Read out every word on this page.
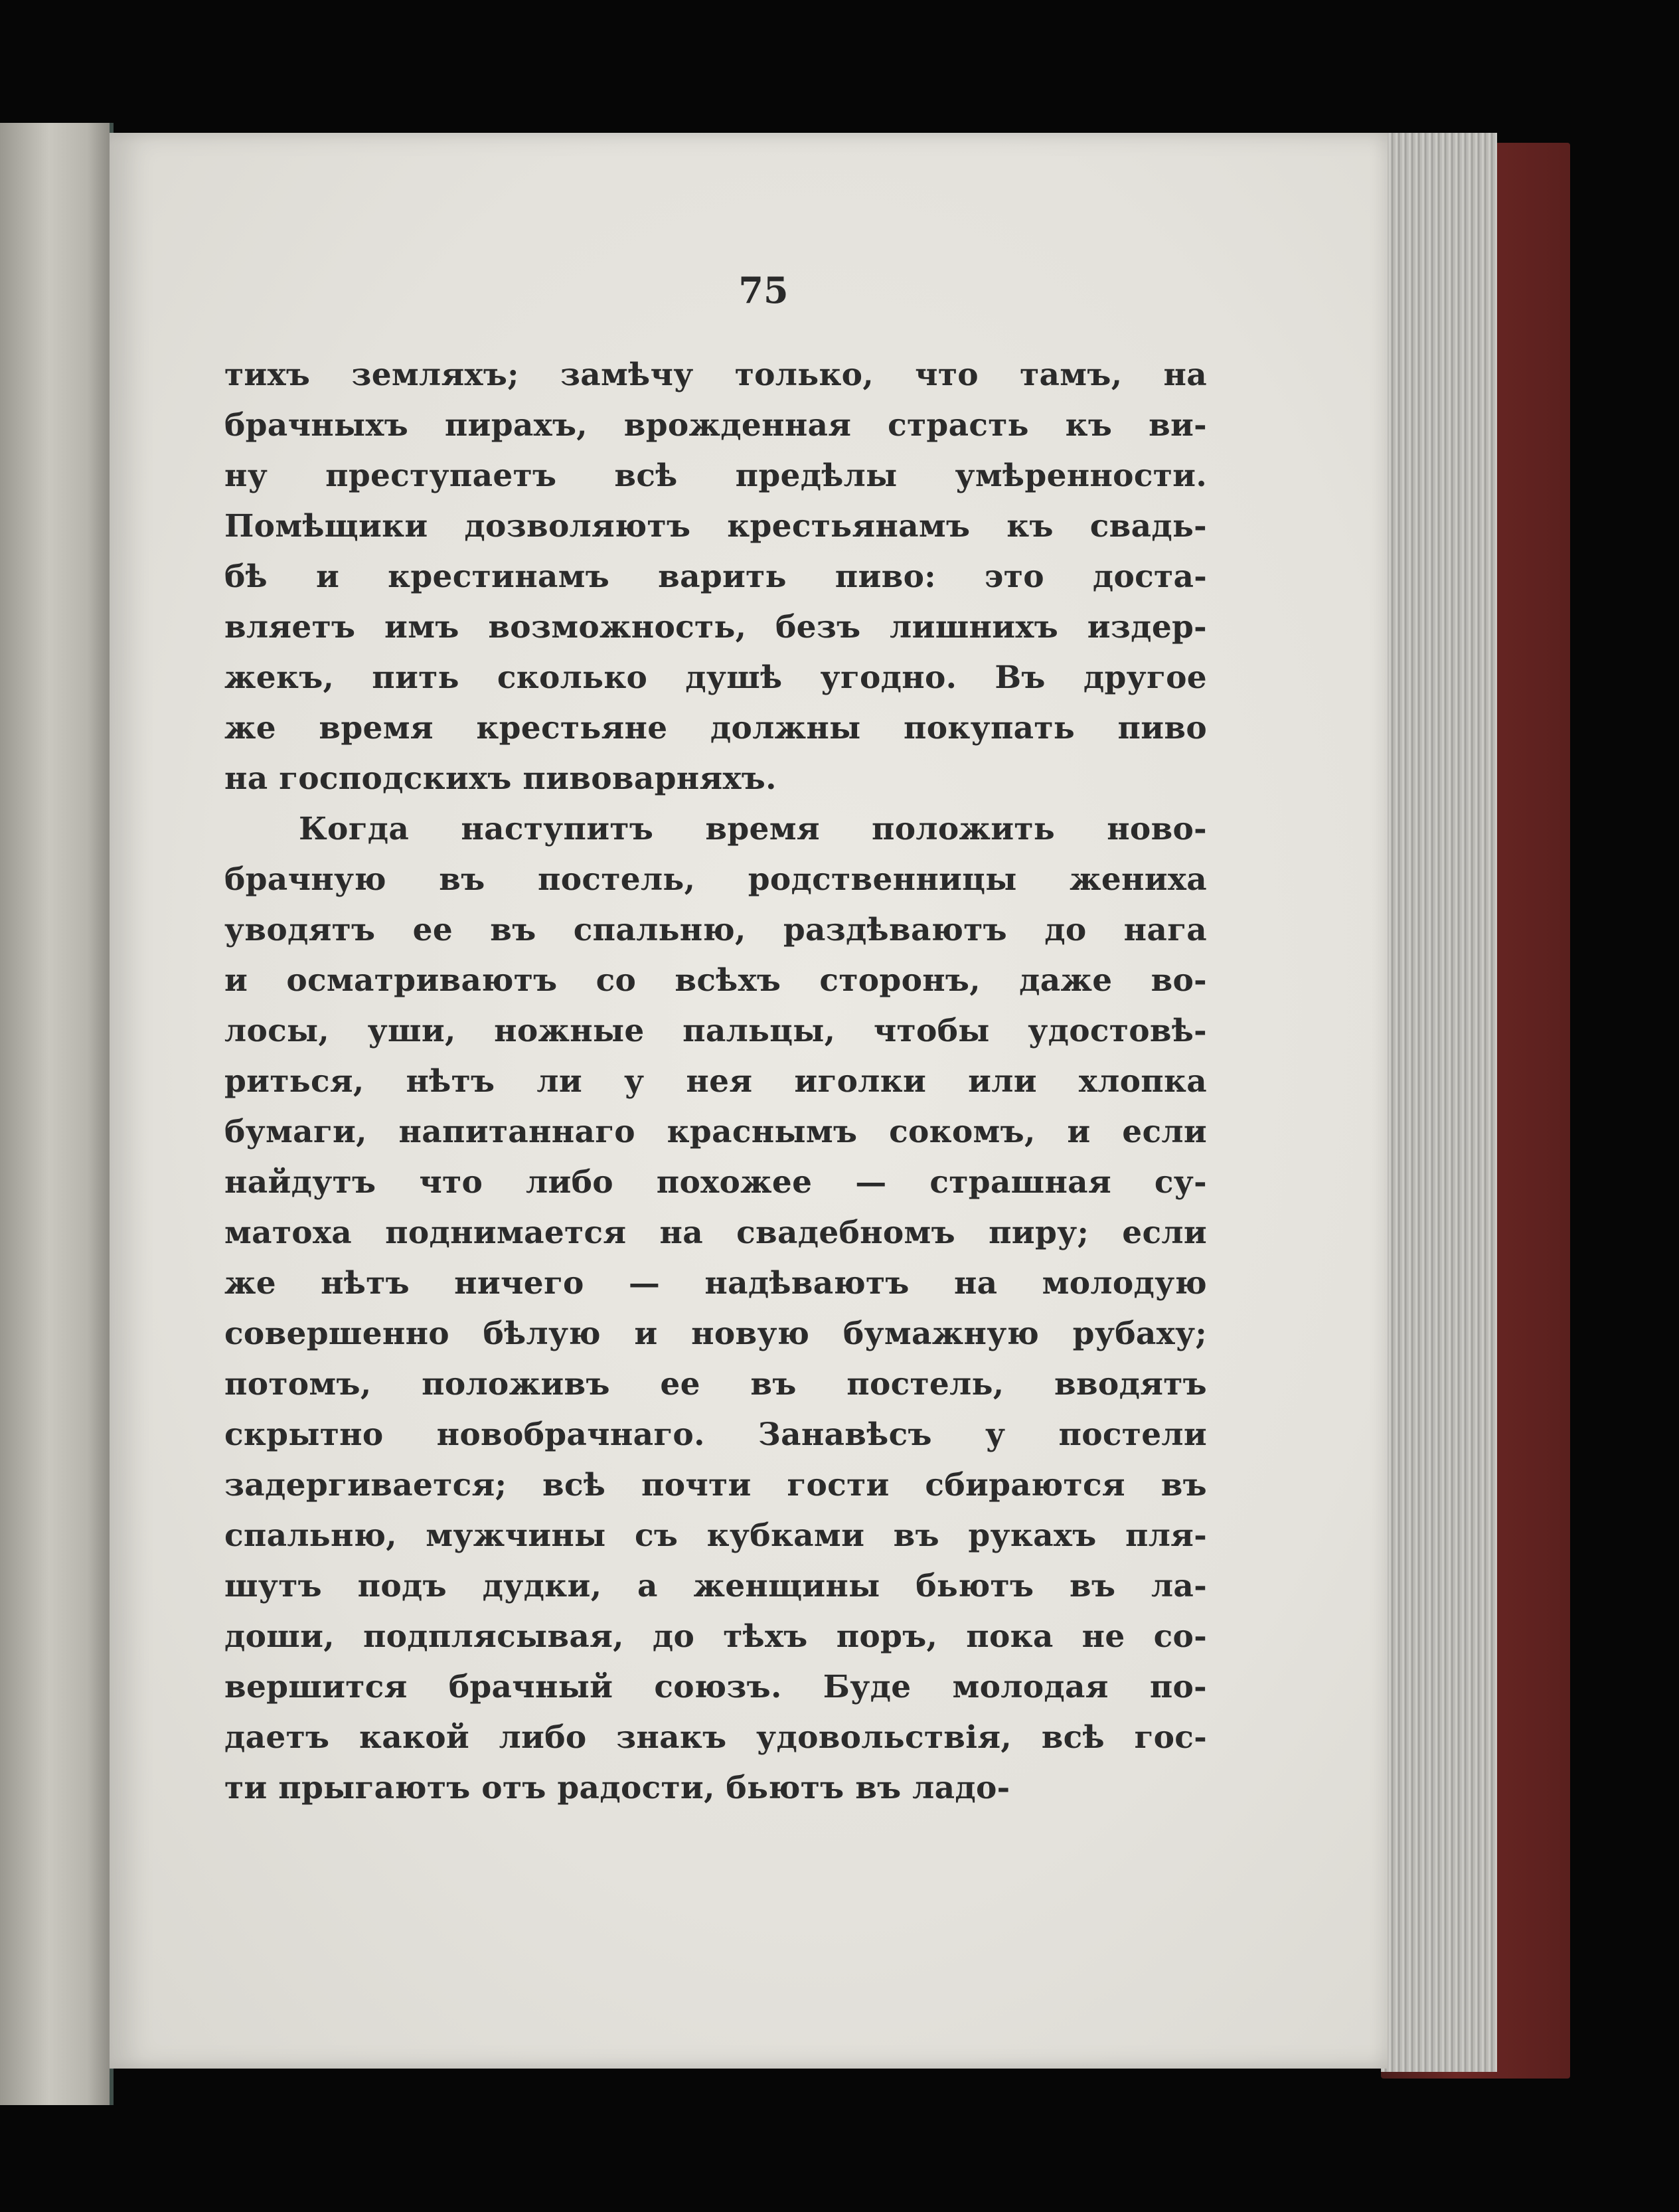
75
тихъ земляхъ; замѣчу только, что тамъ, на
брачныхъ пирахъ, врожденная страсть къ ви-
ну преступаетъ всѣ предѣлы умѣренности.
Помѣщики дозволяютъ крестьянамъ къ свадь-
бѣ и крестинамъ варить пиво: это достa-
вляетъ имъ возможность, безъ лишнихъ издер-
жекъ, пить сколько душѣ угодно. Въ другое
же время крестьяне должны покупать пиво
на господскихъ пивоварняхъ.
Когда наступитъ время положить ново-
брачную въ постель, родственницы жениха
уводятъ ее въ спальню, раздѣваютъ до нага
и осматриваютъ со всѣхъ сторонъ, даже во-
лосы, уши, ножные пальцы, чтобы удостовѣ-
риться, нѣтъ ли у нея иголки или хлопка
бумаги, напитаннаго краснымъ сокомъ, и если
найдутъ что либо похожее — страшная су-
матоха поднимается на свадебномъ пиру; если
же нѣтъ ничего — надѣваютъ на молодую
совершенно бѣлую и новую бумажную рубаху;
потомъ, положивъ ее въ постель, вводятъ
скрытно новобрачнаго. Занавѣсъ у постели
задергивается; всѣ почти гости сбираются въ
спальню, мужчины съ кубками въ рукахъ пля-
шутъ подъ дудки, а женщины бьютъ въ ла-
доши, подплясывая, до тѣхъ поръ, пока не со-
вершится брачный союзъ. Буде молодая по-
даетъ какой либо знакъ удовольствія, всѣ гос-
ти прыгаютъ отъ радости, бьютъ въ ладо-
